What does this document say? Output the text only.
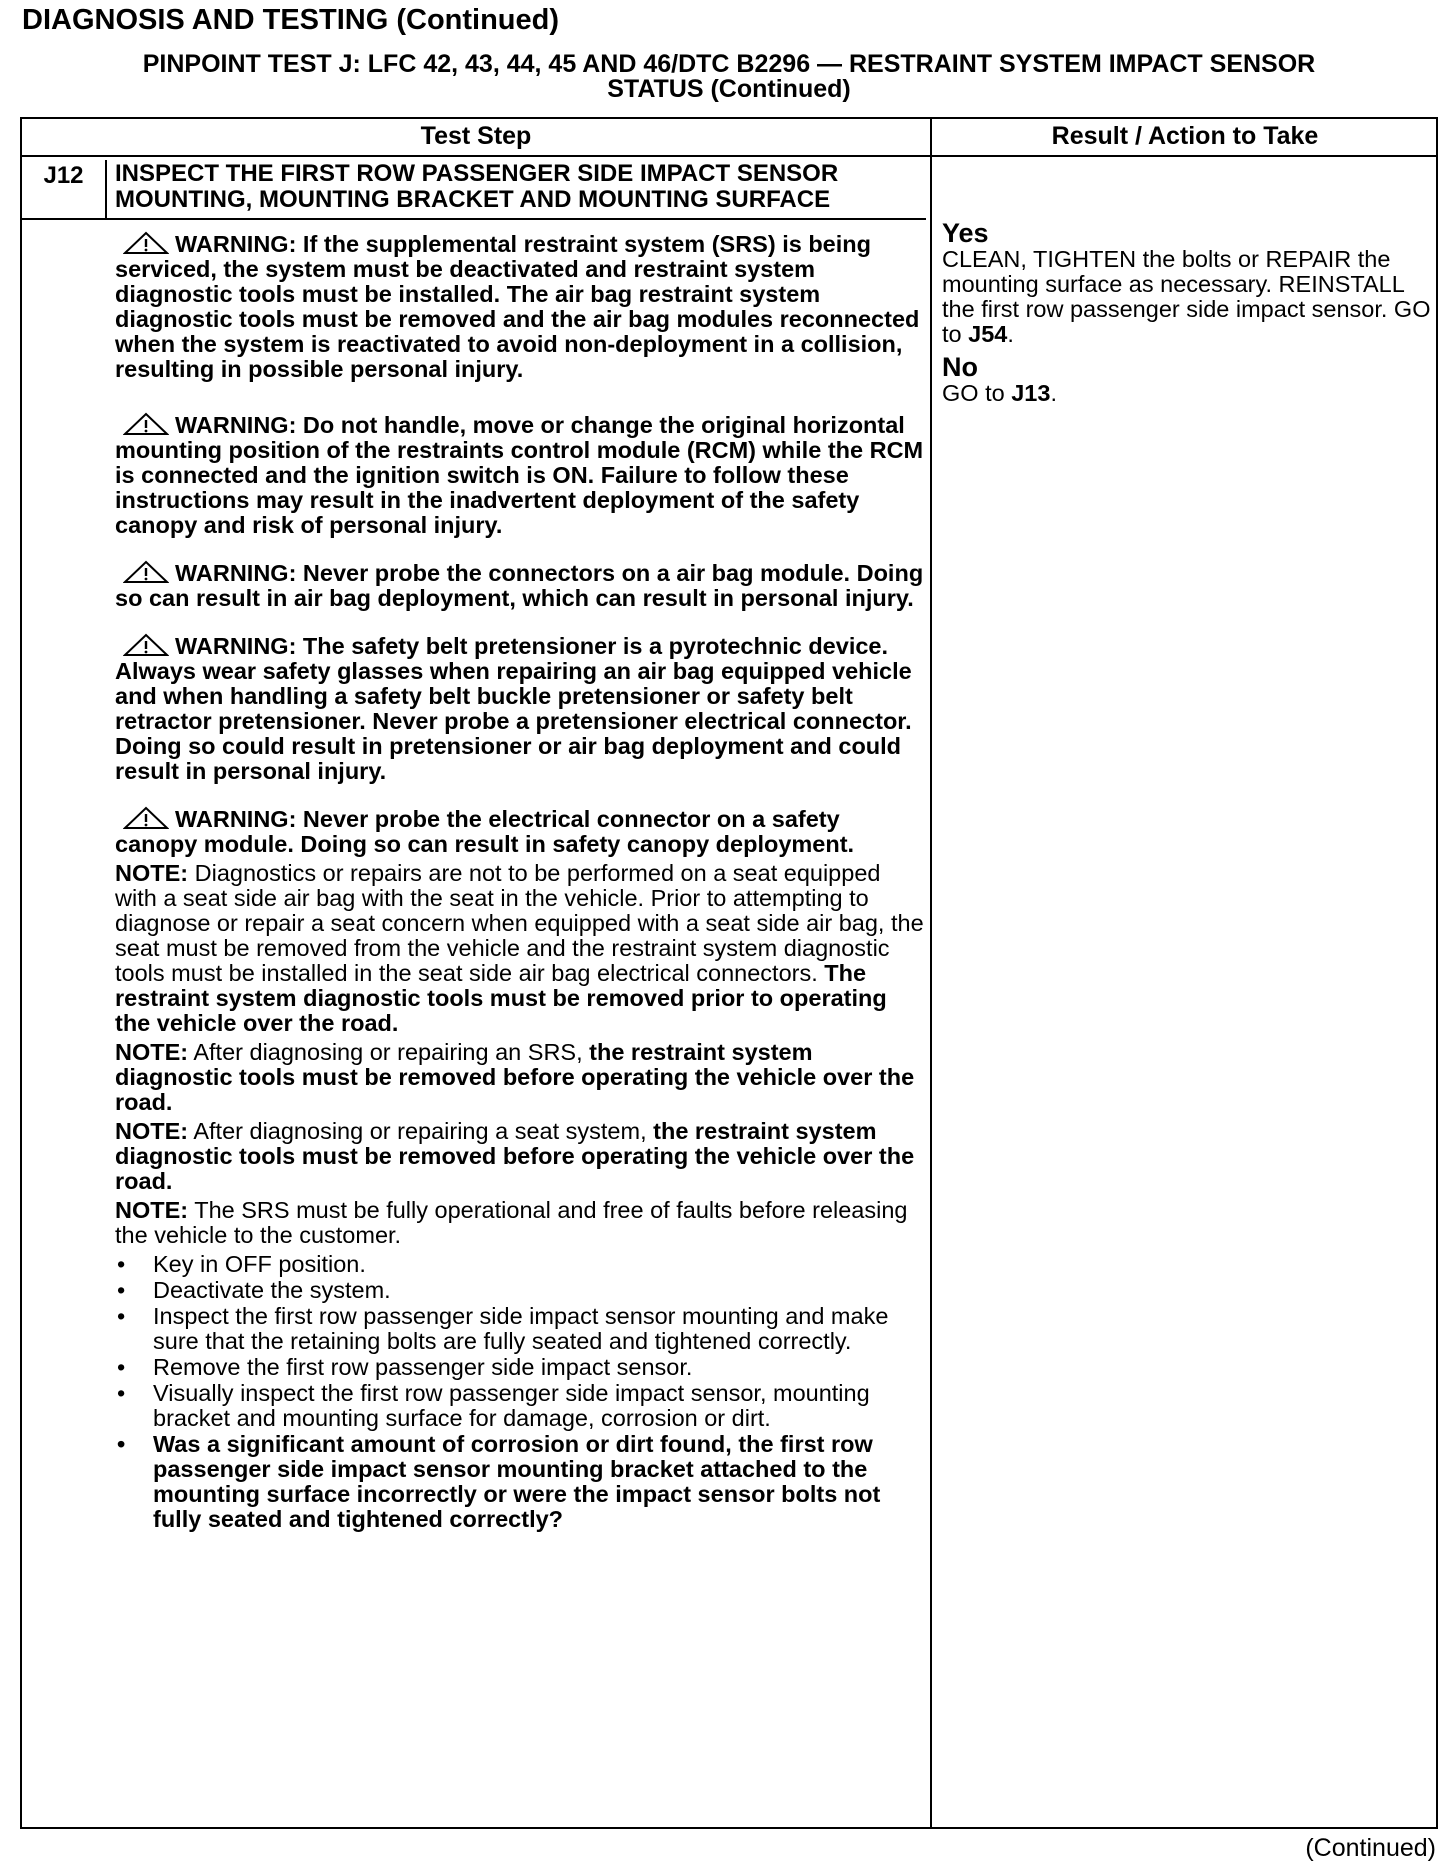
DIAGNOSIS AND TESTING (Continued)
PINPOINT TEST J: LFC 42, 43, 44, 45 AND 46/DTC B2296 — RESTRAINT SYSTEM IMPACT SENSOR
STATUS (Continued)
Test Step	Result / Action to Take
J12	INSPECT THE FIRST ROW PASSENGER SIDE IMPACT SENSOR MOUNTING, MOUNTING BRACKET AND MOUNTING SURFACE

WARNING: If the supplemental restraint system (SRS) is being serviced, the system must be deactivated and restraint system diagnostic tools must be installed. The air bag restraint system diagnostic tools must be removed and the air bag modules reconnected when the system is reactivated to avoid non-deployment in a collision, resulting in possible personal injury.

WARNING: Do not handle, move or change the original horizontal mounting position of the restraints control module (RCM) while the RCM is connected and the ignition switch is ON. Failure to follow these instructions may result in the inadvertent deployment of the safety canopy and risk of personal injury.

WARNING: Never probe the connectors on a air bag module. Doing so can result in air bag deployment, which can result in personal injury.

WARNING: The safety belt pretensioner is a pyrotechnic device. Always wear safety glasses when repairing an air bag equipped vehicle and when handling a safety belt buckle pretensioner or safety belt retractor pretensioner. Never probe a pretensioner electrical connector. Doing so could result in pretensioner or air bag deployment and could result in personal injury.

WARNING: Never probe the electrical connector on a safety canopy module. Doing so can result in safety canopy deployment.

NOTE: Diagnostics or repairs are not to be performed on a seat equipped with a seat side air bag with the seat in the vehicle. Prior to attempting to diagnose or repair a seat concern when equipped with a seat side air bag, the seat must be removed from the vehicle and the restraint system diagnostic tools must be installed in the seat side air bag electrical connectors. The restraint system diagnostic tools must be removed prior to operating the vehicle over the road.

NOTE: After diagnosing or repairing an SRS, the restraint system diagnostic tools must be removed before operating the vehicle over the road.

NOTE: After diagnosing or repairing a seat system, the restraint system diagnostic tools must be removed before operating the vehicle over the road.

NOTE: The SRS must be fully operational and free of faults before releasing the vehicle to the customer.

• Key in OFF position.
• Deactivate the system.
• Inspect the first row passenger side impact sensor mounting and make sure that the retaining bolts are fully seated and tightened correctly.
• Remove the first row passenger side impact sensor.
• Visually inspect the first row passenger side impact sensor, mounting bracket and mounting surface for damage, corrosion or dirt.
• Was a significant amount of corrosion or dirt found, the first row passenger side impact sensor mounting bracket attached to the mounting surface incorrectly or were the impact sensor bolts not fully seated and tightened correctly?
Yes
CLEAN, TIGHTEN the bolts or REPAIR the mounting surface as necessary. REINSTALL the first row passenger side impact sensor. GO to J54.
No
GO to J13.
(Continued)
